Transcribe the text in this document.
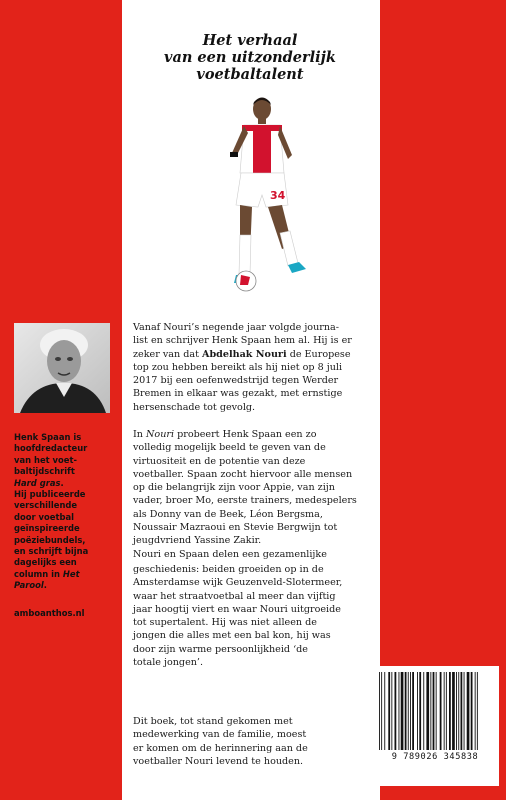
Het verhaal
van een uitzonderlijk
voetbaltalent
34
Vanaf Nouri’s negende jaar volgde journa-
list en schrijver Henk Spaan hem al. Hij is er
zeker van dat Abdelhak Nouri de Europese
top zou hebben bereikt als hij niet op 8 juli
2017 bij een oefenwedstrijd tegen Werder
Bremen in elkaar was gezakt, met ernstige
hersenschade tot gevolg.
In Nouri probeert Henk Spaan een zo
volledig mogelijk beeld te geven van de
virtuositeit en de potentie van deze
voetballer. Spaan zocht hiervoor alle mensen
op die belangrijk zijn voor Appie, van zijn
vader, broer Mo, eerste trainers, medespelers
als Donny van de Beek, Léon Bergsma,
Noussair Mazraoui en Stevie Bergwijn tot
jeugdvriend Yassine Zakir.
Nouri en Spaan delen een gezamenlijke
geschiedenis: beiden groeiden op in de
Amsterdamse wijk Geuzenveld-Slotermeer,
waar het straatvoetbal al meer dan vijftig
jaar hoogtij viert en waar Nouri uitgroeide
tot supertalent. Hij was niet alleen de
jongen die alles met een bal kon, hij was
door zijn warme persoonlijkheid ‘de
totale jongen’.
Dit boek, tot stand gekomen met
medewerking van de familie, moest
er komen om de herinnering aan de
voetballer Nouri levend te houden.
Henk Spaan is
hoofdredacteur
van het voet-
baltijdschrift
Hard gras.
Hij publiceerde
verschillende
door voetbal
geïnspireerde
poëziebundels,
en schrijft bijna
dagelijks een
column in Het
Parool.
amboanthos.nl
9 789026 345838
